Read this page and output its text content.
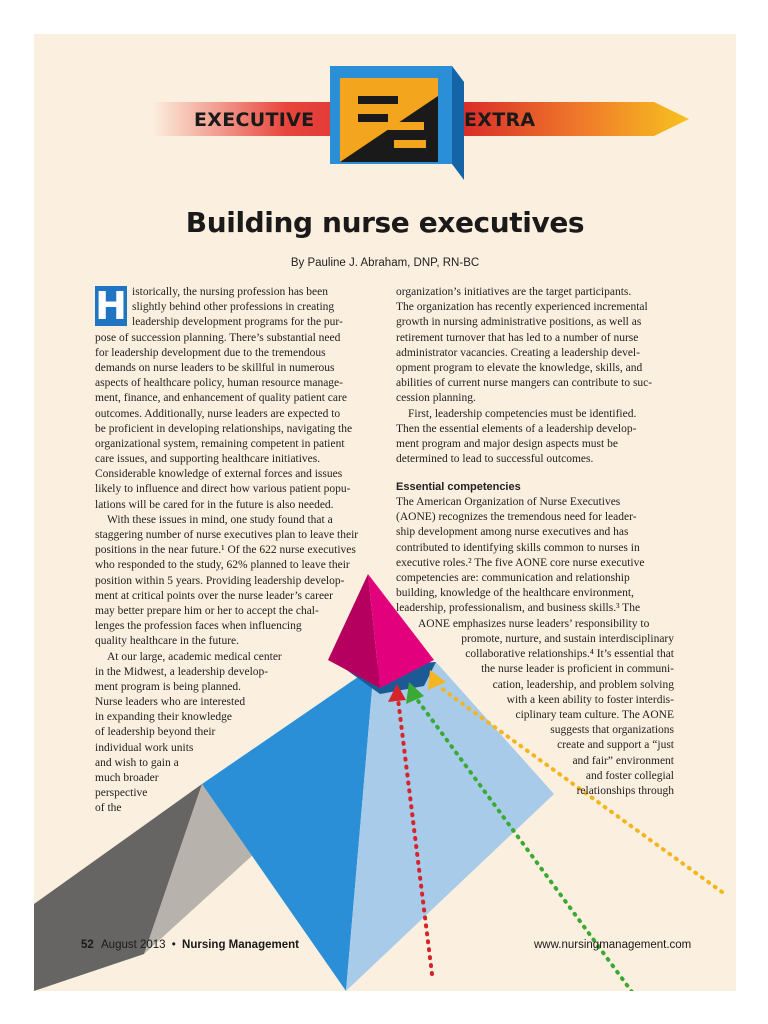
EXECUTIVE	EXTRA
Building nurse executives
By Pauline J. Abraham, DNP, RN-BC
H istorically, the nursing profession has been
slightly behind other professions in creating
leadership development programs for the pur-
pose of succession planning. There’s substantial need
for leadership development due to the tremendous
demands on nurse leaders to be skillful in numerous
aspects of healthcare policy, human resource manage-
ment, finance, and enhancement of quality patient care
outcomes. Additionally, nurse leaders are expected to
be proficient in developing relationships, navigating the
organizational system, remaining competent in patient
care issues, and supporting healthcare initiatives.
Considerable knowledge of external forces and issues
likely to influence and direct how various patient popu-
lations will be cared for in the future is also needed.
With these issues in mind, one study found that a
staggering number of nurse executives plan to leave their
positions in the near future.¹ Of the 622 nurse executives
who responded to the study, 62% planned to leave their
position within 5 years. Providing leadership develop-
ment at critical points over the nurse leader’s career
may better prepare him or her to accept the chal-
lenges the profession faces when influencing
quality healthcare in the future.
At our large, academic medical center
in the Midwest, a leadership develop-
ment program is being planned.
Nurse leaders who are interested
in expanding their knowledge
of leadership beyond their
individual work units
and wish to gain a
much broader
perspective
of the
organization’s initiatives are the target participants.
The organization has recently experienced incremental
growth in nursing administrative positions, as well as
retirement turnover that has led to a number of nurse
administrator vacancies. Creating a leadership devel-
opment program to elevate the knowledge, skills, and
abilities of current nurse mangers can contribute to suc-
cession planning.
First, leadership competencies must be identified.
Then the essential elements of a leadership develop-
ment program and major design aspects must be
determined to lead to successful outcomes.
Essential competencies
The American Organization of Nurse Executives
(AONE) recognizes the tremendous need for leader-
ship development among nurse executives and has
contributed to identifying skills common to nurses in
executive roles.² The five AONE core nurse executive
competencies are: communication and relationship
building, knowledge of the healthcare environment,
leadership, professionalism, and business skills.³ The
AONE emphasizes nurse leaders’ responsibility to
promote, nurture, and sustain interdisciplinary
collaborative relationships.⁴ It’s essential that
the nurse leader is proficient in communi-
cation, leadership, and problem solving
with a keen ability to foster interdis-
ciplinary team culture. The AONE
suggests that organizations
create and support a “just
and fair” environment
and foster collegial
relationships through
52 August 2013 • Nursing Management	www.nursingmanagement.com
